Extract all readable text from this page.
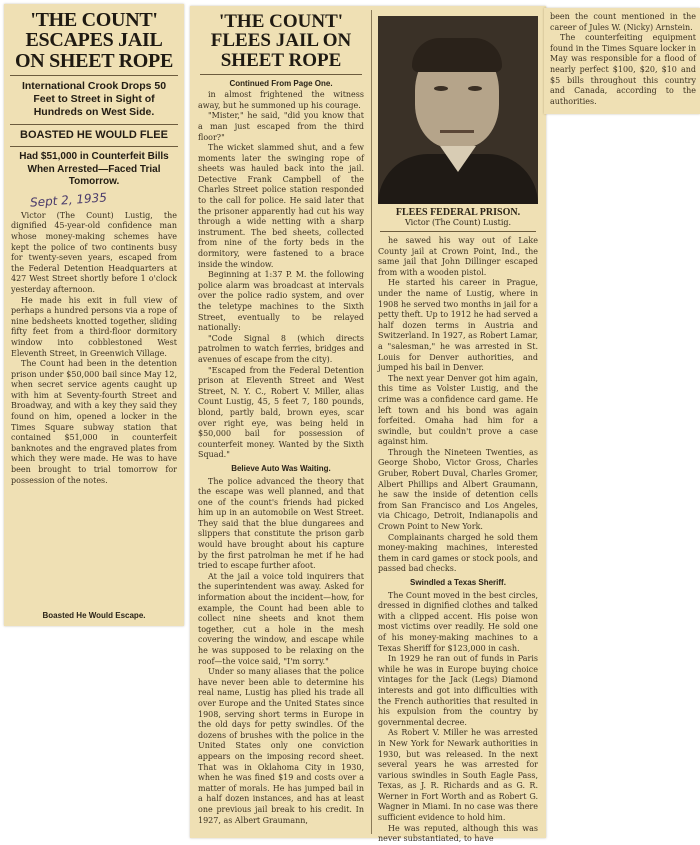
'THE COUNT' ESCAPES JAIL ON SHEET ROPE
International Crook Drops 50 Feet to Street in Sight of Hundreds on West Side.
BOASTED HE WOULD FLEE
Had $51,000 in Counterfeit Bills When Arrested—Faced Trial Tomorrow.
Sept 2, 1935

Victor (The Count) Lustig, the dignified 45-year-old confidence man whose money-making schemes have kept the police of two continents busy for twenty-seven years, escaped from the Federal Detention Headquarters at 427 West Street shortly before 1 o'clock yesterday afternoon.

He made his exit in full view of perhaps a hundred persons via a rope of nine bedsheets knotted together, sliding fifty feet from a third-floor dormitory window into cobblestoned West Eleventh Street, in Greenwich Village.

The Count had been in the detention prison under $50,000 bail since May 12, when secret service agents caught up with him at Seventy-fourth Street and Broadway, and with a key they said they found on him, opened a locker in the Times Square subway station that contained $51,000 in counterfeit banknotes and the engraved plates from which they were made. He was to have been brought to trial tomorrow for possession of the notes.

Boasted He Would Escape.
'THE COUNT' FLEES JAIL ON SHEET ROPE
Continued From Page One.

in almost frightened the witness away, but he summoned up his courage.

"Mister," he said, "did you know that a man just escaped from the third floor?"

The wicket slammed shut, and a few moments later the swinging rope of sheets was hauled back into the jail. Detective Frank Campbell of the Charles Street police station responded to the call for police. He said later that the prisoner apparently had cut his way through a wide netting with a sharp instrument. The bed sheets, collected from nine of the forty beds in the dormitory, were fastened to a brace inside the window.

Beginning at 1:37 P. M. the following police alarm was broadcast at intervals over the police radio system, and over the teletype machines to the Sixth Street, eventually to be relayed nationally:

"Code Signal 8 (which directs patrolmen to watch ferries, bridges and avenues of escape from the city).

"Escaped from the Federal Detention prison at Eleventh Street and West Street, N. Y. C., Robert V. Miller, alias Count Lustig, 45, 5 feet 7, 180 pounds, blond, partly bald, brown eyes, scar over right eye, was being held in $50,000 bail for possession of counterfeit money. Wanted by the Sixth Squad."

Believe Auto Was Waiting.

The police advanced the theory that the escape was well planned, and that one of the count's friends had picked him up in an automobile on West Street. They said that the blue dungarees and slippers that constitute the prison garb would have brought about his capture by the first patrolman he met if he had tried to escape further afoot.

At the jail a voice told inquirers that the superintendent was away. Asked for information about the incident—how, for example, the Count had been able to collect nine sheets and knot them together, cut a hole in the mesh covering the window, and escape while he was supposed to be relaxing on the roof—the voice said, "I'm sorry."

Under so many aliases that the police have never been able to determine his real name, Lustig has plied his trade all over Europe and the United States since 1908, serving short terms in Europe in the old days for petty swindles. Of the dozens of brushes with the police in the United States only one conviction appears on the imposing record sheet. That was in Oklahoma City in 1930, when he was fined $19 and costs over a matter of morals. He has jumped bail in a half dozen instances, and has at least one previous jail break to his credit. In 1927, as Albert Graumann,

FLEES FEDERAL PRISON.
Victor (The Count) Lustig.

he sawed his way out of Lake County jail at Crown Point, Ind., the same jail that John Dillinger escaped from with a wooden pistol.

He started his career in Prague, under the name of Lustig, where in 1908 he served two months in jail for a petty theft. Up to 1912 he had served a half dozen terms in Austria and Switzerland. In 1927, as Robert Lamar, a "salesman," he was arrested in St. Louis for Denver authorities, and jumped his bail in Denver.

The next year Denver got him again, this time as Volster Lustig, and the crime was a confidence card game. He left town and his bond was again forfeited. Omaha had him for a swindle, but couldn't prove a case against him.

Through the Nineteen Twenties, as George Shobo, Victor Gross, Charles Gruber, Robert Duval, Charles Gromer, Albert Phillips and Albert Graumann, he saw the inside of detention cells from San Francisco and Los Angeles, via Chicago, Detroit, Indianapolis and Crown Point to New York.

Complainants charged he sold them money-making machines, interested them in card games or stock pools, and passed bad checks.

Swindled a Texas Sheriff.

The Count moved in the best circles, dressed in dignified clothes and talked with a clipped accent. His poise won most victims over readily. He sold one of his money-making machines to a Texas Sheriff for $123,000 in cash.

In 1929 he ran out of funds in Paris while he was in Europe buying choice vintages for the Jack (Legs) Diamond interests and got into difficulties with the French authorities that resulted in his expulsion from the country by governmental decree.

As Robert V. Miller he was arrested in New York for Newark authorities in 1930, but was released. In the next several years he was arrested for various swindles in South Eagle Pass, Texas, as J. R. Richards and as G. R. Werner in Fort Worth and as Robert G. Wagner in Miami. In no case was there sufficient evidence to hold him.

He was reputed, although this was never substantiated, to have

been the count mentioned in the career of Jules W. (Nicky) Arnstein.

The counterfeiting equipment found in the Times Square locker in May was responsible for a flood of nearly perfect $100, $20, $10 and $5 bills throughout this country and Canada, according to the authorities.
